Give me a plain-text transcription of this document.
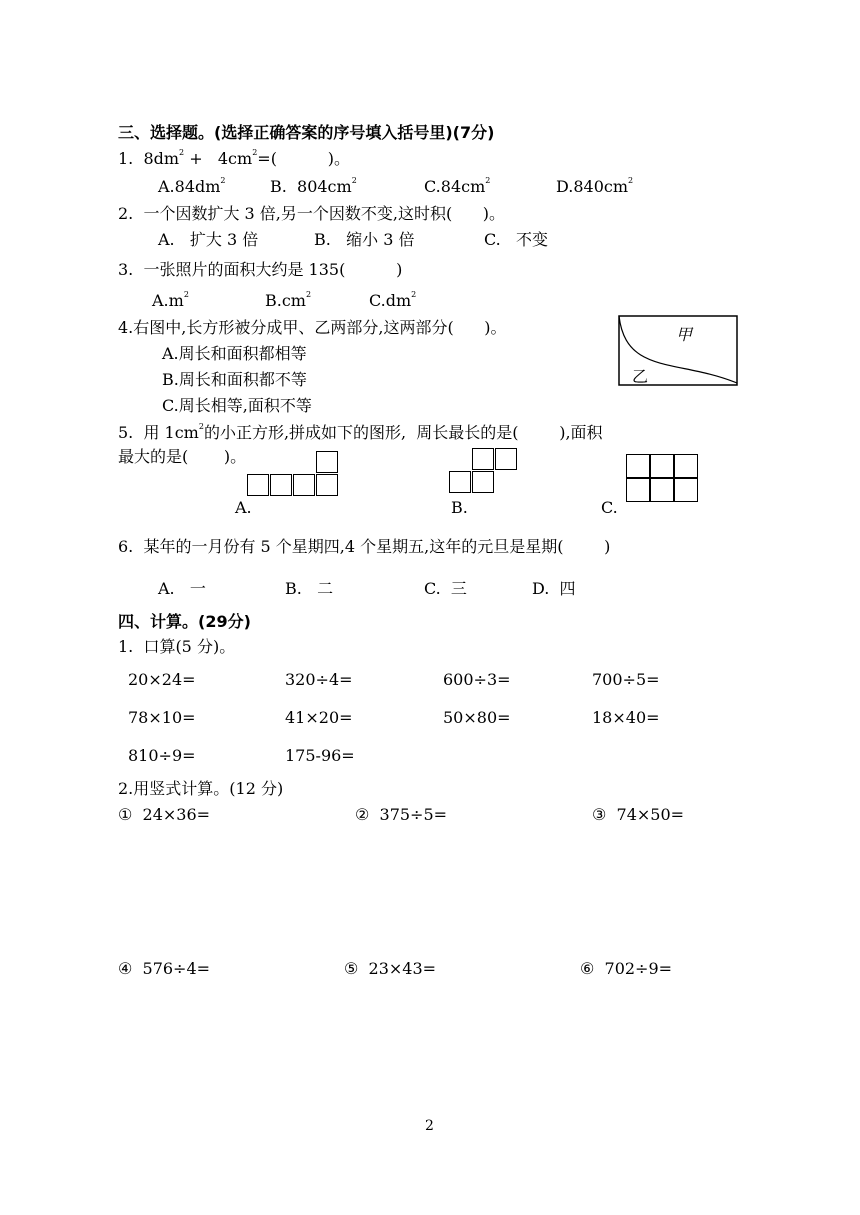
三、选择题。(选择正确答案的序号填入括号里)(7分)
1.  $8dm^2 + 4cm^2=$(          )。
$A.84dm^2$	B.  $804cm^2$	$C.84cm^2$	$D.840cm^2$
2.  一个因数扩大 3 倍,另一个因数不变,这时积(      )。
A.   扩大 3 倍	B.   缩小 3 倍	C.   不变
3.  一张照片的面积大约是 135(          )
$A.m^2$	$B.cm^2$	$C.dm^2$
4.右图中,长方形被分成甲、乙两部分,这两部分(      )。
A.周长和面积都相等
B.周长和面积都不等
C.周长相等,面积不等
甲
乙
5.  用 $1cm^2$的小正方形,拼成如下的图形,  周长最长的是(        ),面积
最大的是(       )。
A.	B.	C.
6.  某年的一月份有 5 个星期四,4 个星期五,这年的元旦是星期(        )
A.   一	B.   二	C.  三	D.  四
四、计算。(29分)
1.  口算(5 分)。
20×24=	320÷4=	600÷3=	700÷5=
78×10=	41×20=	50×80=	18×40=
810÷9=	175-96=
2.用竖式计算。(12 分)
①  24×36=	②  375÷5=	③  74×50=
④  576÷4=	⑤  23×43=	⑥  702÷9=
2
